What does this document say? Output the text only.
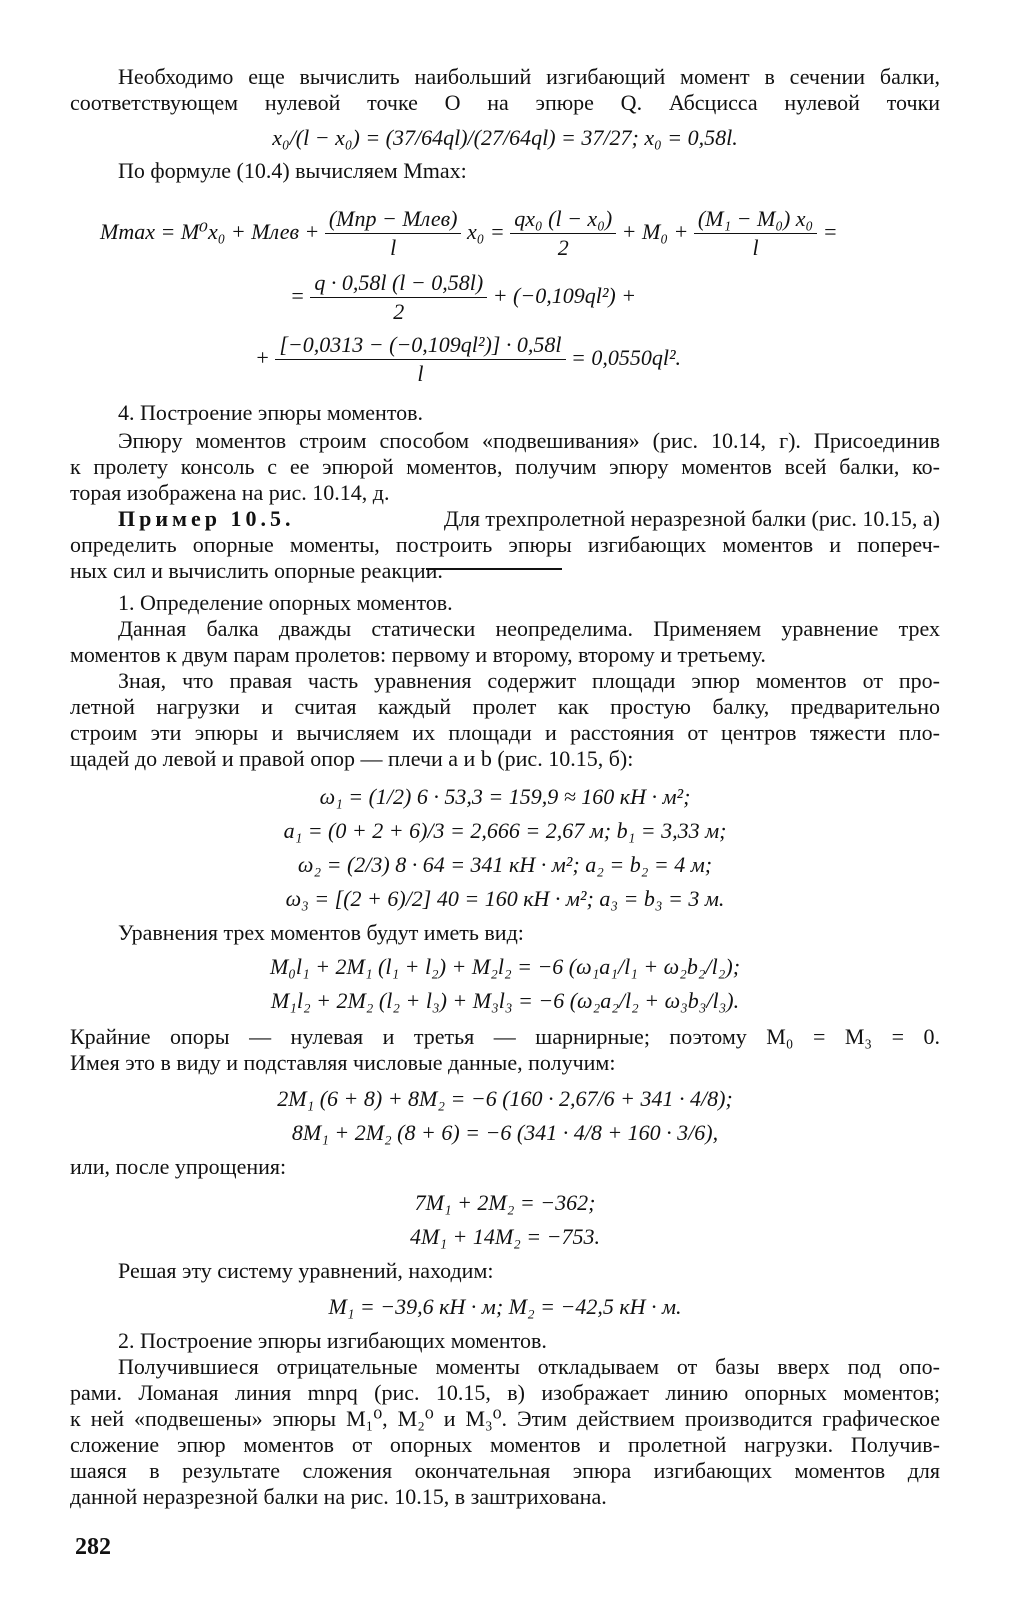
Необходимо еще вычислить наибольший изгибающий момент в сечении балки,
соответствующем нулевой точке O на эпюре Q. Абсцисса нулевой точки
x₀/(l − x₀) = (37/64ql)/(27/64ql) = 37/27; x₀ = 0,58l.
По формуле (10.4) вычисляем Mmax:
Mmax = M⁰x₀ + Mлев + $\frac{\text{(Mпр − Mлев)}}{l} x_0 = \frac{\text{qx₀ (l − x₀)}}{2} + M_0 + \frac{\text{(M₁ − M₀) x₀}}{l}$ =
= $\frac{q \cdot 0,58l (l - 0,58l)}{2} + (-0,109ql^2)$ +
+ $\frac{\text{[−0,0313 − (−0,109ql²)] · 0,58l}}{l} = 0,0550ql^2$.
4. Построение эпюры моментов.
Эпюру моментов строим способом «подвешивания» (рис. 10.14, г). Присоединив
к пролету консоль с ее эпюрой моментов, получим эпюру моментов всей балки, ко-
торая изображена на рис. 10.14, д.
Пример 10.5.	Для трехпролетной неразрезной балки (рис. 10.15, а)
определить опорные моменты, построить эпюры изгибающих моментов и попереч-
ных сил и вычислить опорные реакции.
1. Определение опорных моментов.
Данная балка дважды статически неопределима. Применяем уравнение трех
моментов к двум парам пролетов: первому и второму, второму и третьему.
Зная, что правая часть уравнения содержит площади эпюр моментов от про-
летной нагрузки и считая каждый пролет как простую балку, предварительно
строим эти эпюры и вычисляем их площади и расстояния от центров тяжести пло-
щадей до левой и правой опор — плечи a и b (рис. 10.15, б):
ω₁ = (1/2) 6 · 53,3 = 159,9 ≈ 160 кН · м²;
a₁ = (0 + 2 + 6)/3 = 2,666 = 2,67 м; b₁ = 3,33 м;
ω₂ = (2/3) 8 · 64 = 341 кН · м²; a₂ = b₂ = 4 м;
ω₃ = [(2 + 6)/2] 40 = 160 кН · м²; a₃ = b₃ = 3 м.
Уравнения трех моментов будут иметь вид:
M₀l₁ + 2M₁ (l₁ + l₂) + M₂l₂ = −6 (ω₁a₁/l₁ + ω₂b₂/l₂);
M₁l₂ + 2M₂ (l₂ + l₃) + M₃l₃ = −6 (ω₂a₂/l₂ + ω₃b₃/l₃).
Крайние опоры — нулевая и третья — шарнирные; поэтому M₀ = M₃ = 0.
Имея это в виду и подставляя числовые данные, получим:
2M₁ (6 + 8) + 8M₂ = −6 (160 · 2,67/6 + 341 · 4/8);
8M₁ + 2M₂ (8 + 6) = −6 (341 · 4/8 + 160 · 3/6),
или, после упрощения:
7M₁ + 2M₂ = −362;
4M₁ + 14M₂ = −753.
Решая эту систему уравнений, находим:
M₁ = −39,6 кН · м; M₂ = −42,5 кН · м.
2. Построение эпюры изгибающих моментов.
Получившиеся отрицательные моменты откладываем от базы вверх под опо-
рами. Ломаная линия mnpq (рис. 10.15, в) изображает линию опорных моментов;
к ней «подвешены» эпюры M₁⁰, M₂⁰ и M₃⁰. Этим действием производится графическое
сложение эпюр моментов от опорных моментов и пролетной нагрузки. Получив-
шаяся в результате сложения окончательная эпюра изгибающих моментов для
данной неразрезной балки на рис. 10.15, в заштрихована.
282
